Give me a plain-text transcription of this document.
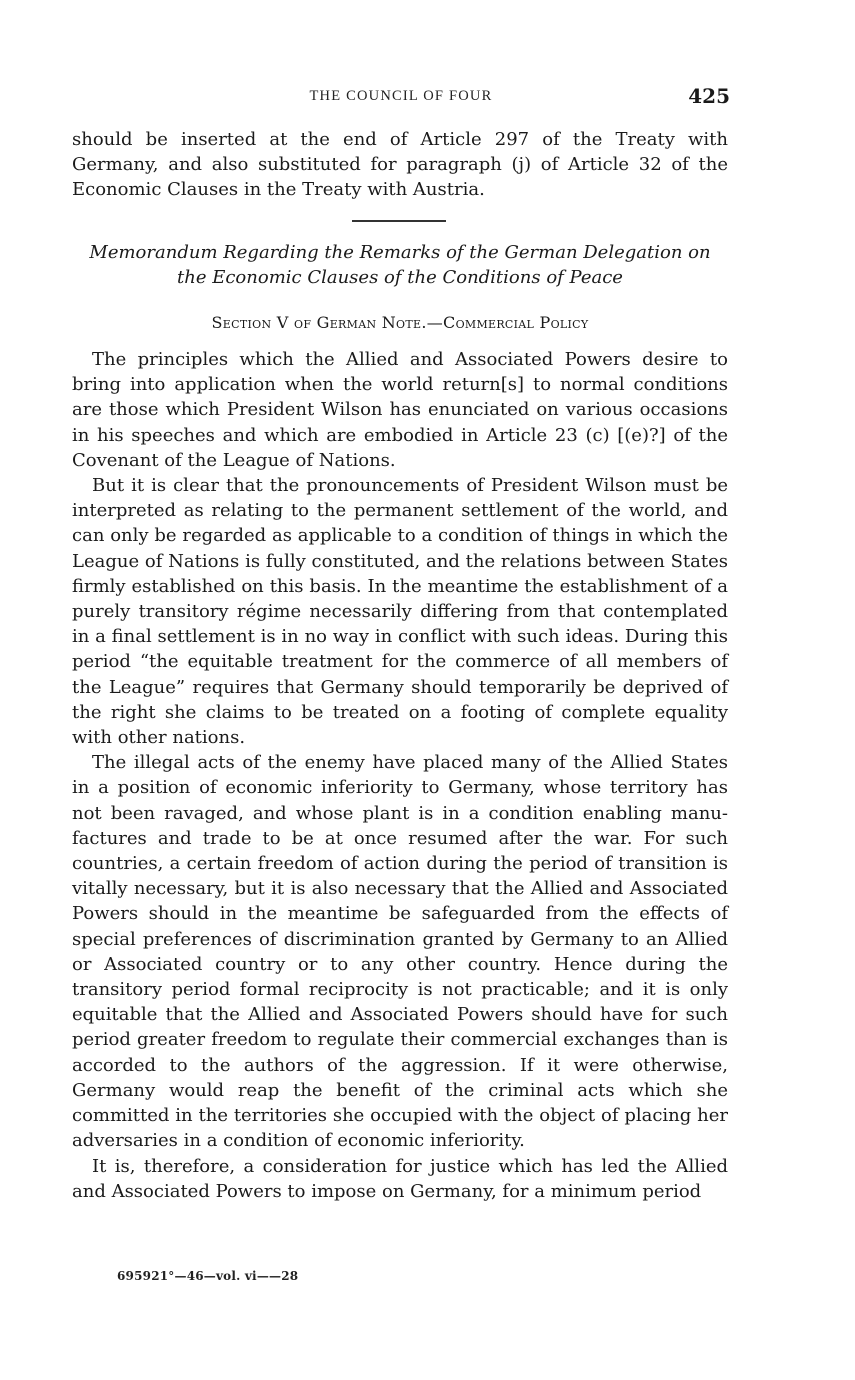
THE COUNCIL OF FOUR	425

should be inserted at the end of Article 297 of the Treaty with Germany, and also substituted for paragraph (j) of Article 32 of the Economic Clauses in the Treaty with Austria.

Memorandum Regarding the Remarks of the German Delegation on
the Economic Clauses of the Conditions of Peace
Section V of German Note.—Commercial Policy

The principles which the Allied and Associated Powers desire to bring into application when the world return[s] to normal conditions are those which President Wilson has enunciated on various occasions in his speeches and which are embodied in Article 23 (c) [(e)?] of the Covenant of the League of Nations.

But it is clear that the pronouncements of President Wilson must be interpreted as relating to the permanent settlement of the world, and can only be regarded as applicable to a condition of things in which the League of Nations is fully constituted, and the relations between States firmly established on this basis. In the meantime the establishment of a purely transitory régime necessarily differing from that contemplated in a final settlement is in no way in conflict with such ideas. During this period “the equitable treatment for the commerce of all members of the League” requires that Germany should temporarily be deprived of the right she claims to be treated on a footing of complete equality with other nations.

The illegal acts of the enemy have placed many of the Allied States in a position of economic inferiority to Germany, whose territory has not been ravaged, and whose plant is in a condition enabling manufactures and trade to be at once resumed after the war. For such countries, a certain freedom of action during the period of transition is vitally necessary, but it is also necessary that the Allied and Associated Powers should in the meantime be safeguarded from the effects of special preferences of discrimination granted by Germany to an Allied or Associated country or to any other country. Hence during the transitory period formal reciprocity is not practicable; and it is only equitable that the Allied and Associated Powers should have for such period greater freedom to regulate their commercial exchanges than is accorded to the authors of the aggression. If it were otherwise, Germany would reap the benefit of the criminal acts which she committed in the territories she occupied with the object of placing her adversaries in a condition of economic inferiority.

It is, therefore, a consideration for justice which has led the Allied and Associated Powers to impose on Germany, for a minimum period

695921°—46—vol. vi——28
